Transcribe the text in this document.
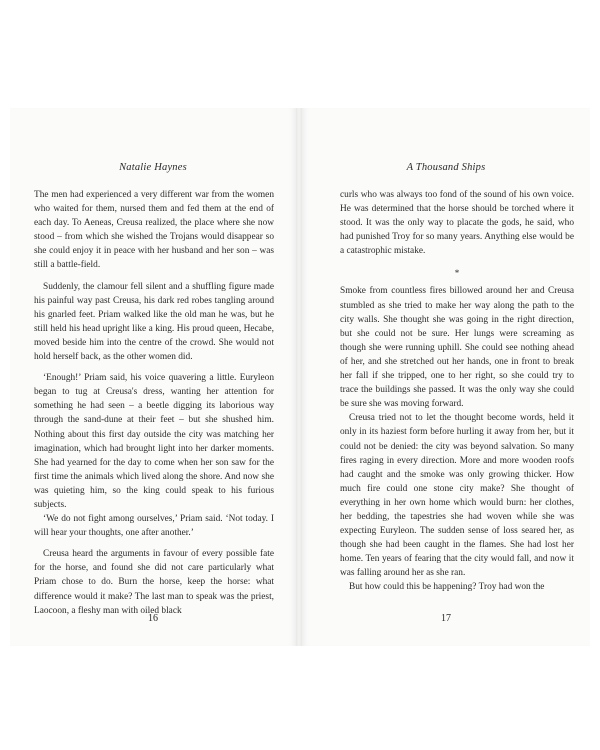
Natalie Haynes

The men had experienced a very different war from the women who waited for them, nursed them and fed them at the end of each day. To Aeneas, Creusa realized, the place where she now stood – from which she wished the Trojans would disappear so she could enjoy it in peace with her husband and her son – was still a battle-field.

Suddenly, the clamour fell silent and a shuffling figure made his painful way past Creusa, his dark red robes tangling around his gnarled feet. Priam walked like the old man he was, but he still held his head upright like a king. His proud queen, Hecabe, moved beside him into the centre of the crowd. She would not hold herself back, as the other women did.

‘Enough!’ Priam said, his voice quavering a little. Euryleon began to tug at Creusa's dress, wanting her attention for something he had seen – a beetle digging its laborious way through the sand-dune at their feet – but she shushed him. Nothing about this first day outside the city was matching her imagination, which had brought light into her darker moments. She had yearned for the day to come when her son saw for the first time the animals which lived along the shore. And now she was quieting him, so the king could speak to his furious subjects.

‘We do not fight among ourselves,’ Priam said. ‘Not today. I will hear your thoughts, one after another.’

Creusa heard the arguments in favour of every possible fate for the horse, and found she did not care particularly what Priam chose to do. Burn the horse, keep the horse: what difference would it make? The last man to speak was the priest, Laocoon, a fleshy man with oiled black

16
A Thousand Ships

curls who was always too fond of the sound of his own voice. He was determined that the horse should be torched where it stood. It was the only way to placate the gods, he said, who had punished Troy for so many years. Anything else would be a catastrophic mistake.

*

Smoke from countless fires billowed around her and Creusa stumbled as she tried to make her way along the path to the city walls. She thought she was going in the right direction, but she could not be sure. Her lungs were screaming as though she were running uphill. She could see nothing ahead of her, and she stretched out her hands, one in front to break her fall if she tripped, one to her right, so she could try to trace the buildings she passed. It was the only way she could be sure she was moving forward.

Creusa tried not to let the thought become words, held it only in its haziest form before hurling it away from her, but it could not be denied: the city was beyond salvation. So many fires raging in every direction. More and more wooden roofs had caught and the smoke was only growing thicker. How much fire could one stone city make? She thought of everything in her own home which would burn: her clothes, her bedding, the tapestries she had woven while she was expecting Euryleon. The sudden sense of loss seared her, as though she had been caught in the flames. She had lost her home. Ten years of fearing that the city would fall, and now it was falling around her as she ran.

But how could this be happening? Troy had won the

17
